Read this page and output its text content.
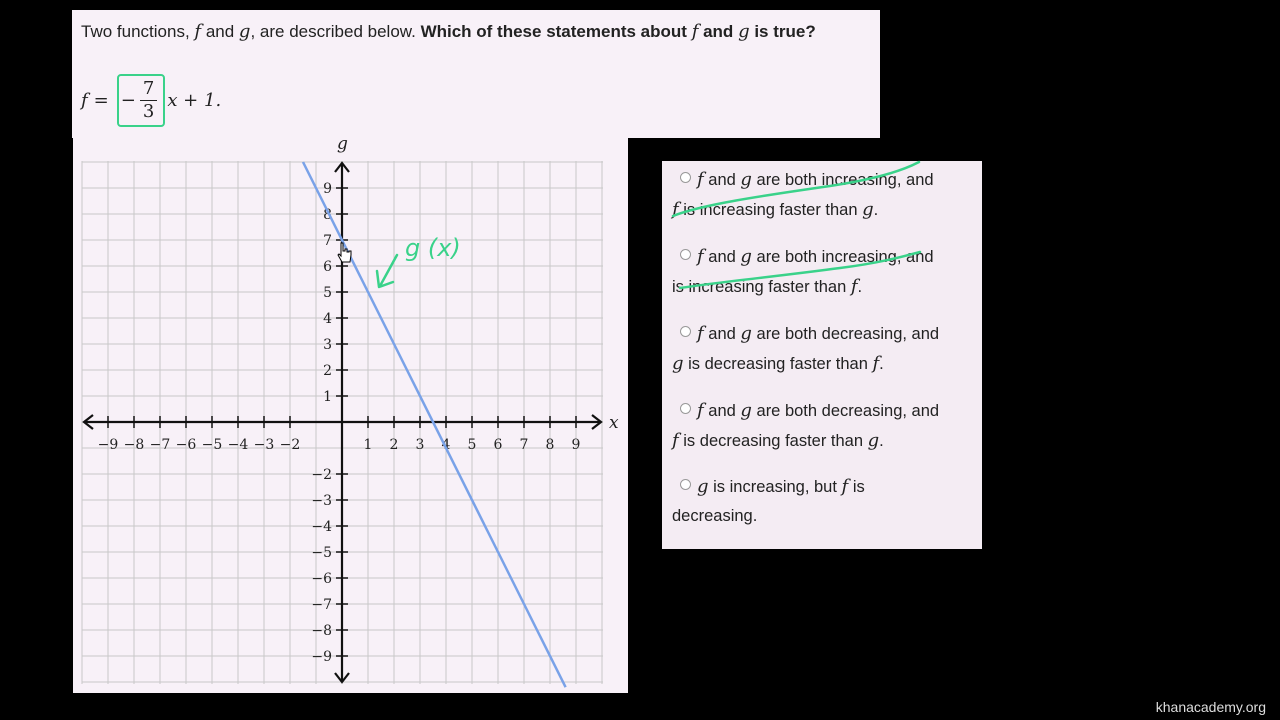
Two functions, f and g, are described below. Which of these statements about f and g is true?
f = − $\frac{7}{3}$ x + 1.
−9 −8 −7 −6 −5 −4 −3 −2	1 2 3 4 5 6 7 8 9
1
2
3
4
5
6
7
8
9
−2
−3
−4
−5
−6
−7
−8
−9
x
g
f and g are both increasing, and
f is increasing faster than g.
f and g are both increasing, and
is increasing faster than f.
f and g are both decreasing, and
g is decreasing faster than f.
f and g are both decreasing, and
f is decreasing faster than g.
g is increasing, but f is
decreasing.
g (x)
khanacademy.org
